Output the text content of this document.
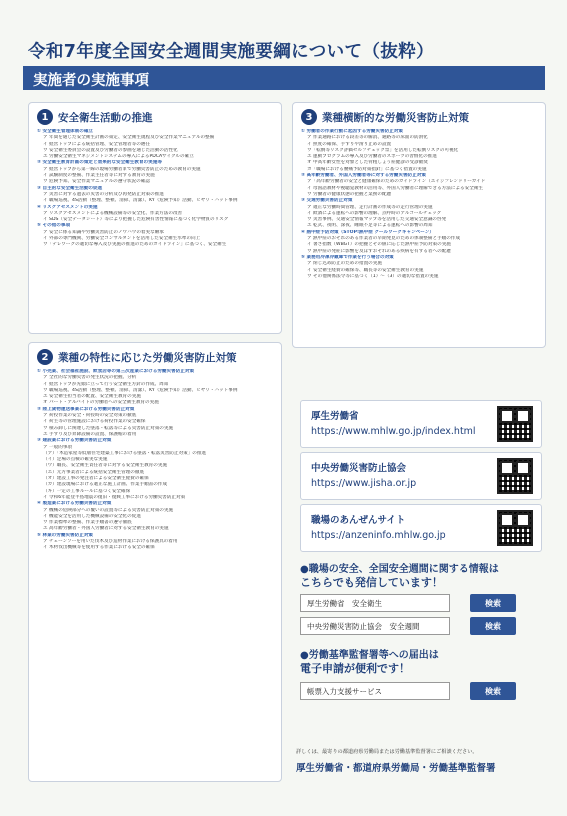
令和7年度全国安全週間実施要綱について（抜粋）
実施者の実施事項
1 安全衛生活動の推進
① 安全衛生管理体制の確立
ア 年間を通じた安全衛生計画の策定、安全衛生規程及び安全作業マニュアルの整備
イ 経営トップによる統括管理、安全管理者等の選任
ウ 安全衛生委員会の設置及び労働者の参画を通じた活動の活性化
エ 労働安全衛生マネジメントシステムの導入によるPDCAサイクルの確立
② 安全衛生教育計画の策定と効果的な安全衛生教育の実施等
ア 経営トップから第一線の現場労働者まで労働災害防止のための教育の実施
イ 試験制度の整備、作業主任者等に対する教育の実施
ウ 危険予知、安全作業マニュアルの遵守状況の確認
③ 自主的な安全衛生活動の促進
ア 災害に対する過去の災害の分析及び再発防止対策の推進
イ 職場巡視、4S活動（整理、整頓、清掃、清潔）、KY（危険予知）活動、ヒヤリ・ハット事例
④ リスクアセスメントの実施
ア リスクアセスメントによる機械設備等の安全化、作業方法の改善
イ SDS（安全データシート）等により把握した危険有害性情報に基づく化学物質のリスク
⑤ その他の事項
ア 安全に係る知識や労働災害防止のノウハウの着実な継承
イ 外部の専門機関、労働安全コンサルタントを活用した安全衛生水準の向上
ウ「テレワークの適切な導入及び実施の推進のためのガイドライン」に基づく、安全衛生
2 業種の特性に応じた労働災害防止対策
① 小売業、社会福祉施設、飲食店等の第三次産業における労働災害防止対策
ア 全社的な労働災害の発生状況の把握、分析
イ 経営トップが先頭に立って行う安全衛生方針の作成、周知
ウ 職場巡視、4S活動（整理、整頓、清掃、清潔）、KY（危険予知）活動、ヒヤリ・ハット事例
エ 安全衛生担当者の配置、安全衛生教育の実施
オ パート・アルバイトの労働者への安全衛生教育の実施
② 陸上貨物運送事業における労働災害防止対策
ア 荷役作業の安全・荷役時の安全対策の徹底
イ 荷主等の管理施設における荷役作業の安全確保
ウ 積み卸しに関連した墜落・転落等による災害防止対策の実施
エ 手すり及び昇降設備の設置、保護帽の着用
③ 建設業における労働災害防止対策
ア 一般的事項
（ア）「木造家屋等低層住宅建築工事における墜落・転落災害防止対策」の推進
（イ）足場の点検の確実な実施
（ウ）職長、安全衛生責任者等に対する安全衛生教育の実施
（エ）元方事業者による統括安全衛生管理の徹底
（オ）建設工事の発注者による安全衛生経費の確保
（カ）建設現場における適正な施工計画、作業手順書の作成
（キ）一定の工事ルールに基づく安全確保
イ 令和6年能登半島地震の復旧・復興工事における労働災害防止対策
④ 製造業における労働災害防止対策
ア 機械の危険部分への覆いの設置等による災害防止対策の実施
イ 機能安全を活用した機械設備の安全化の促進
ウ 作業標準の整備、作業手順書の遵守徹底
エ 高年齢労働者・外国人労働者に対する安全衛生教育の実施
⑤ 林業の労働災害防止対策
ア チェーンソーを用いた伐木及び造材作業における保護具の着用
イ 木材伐出機械等を使用する作業における安全の確保
3 業種横断的な労働災害防止対策
① 労働者の作業行動に起因する労働災害防止対策
ア 作業通路における段差等の解消、通路等の床面の防滑化
イ 照度の確保、手すりや滑り止めの設置
ウ「転倒等リスク評価セルフチェック票」を活用した転倒リスクの可視化
エ 運動プログラムの導入及び労働者のスポーツの習慣化の推進
オ 中高年齢女性を対象とした骨粗しょう症健診の受診勧奨
カ「職場における腰痛予防対策指針」に基づく措置の実施
② 高年齢労働者、外国人労働者等に対する労働災害防止対策
ア「高年齢労働者の安全と健康確保のためのガイドライン（エイジフレンドリーガイド
イ 母国語教材や視聴覚教材の活用等、外国人労働者に理解できる方法による安全衛生
ウ 労働者の健康状態の把握と業務の配慮
③ 交通労働災害防止対策
ア 適正な労働時間管理、走行計画の作成等の走行管理の実施
イ 飲酒による運転への影響の理解、点呼時のアルコールチェック
ウ 災害事例、交通安全情報マップ等を活用した交通安全意識の啓発
エ 乾式、夜明、深夜、睡眠不足等による運転への影響の周知
④ 熱中症予防対策（STOP!熱中症 クールワークキャンペーン）
ア 熱中症のおそれのある作業者の早期発見のための体制整備と手順の作成
イ 暑さ指数（WBGT）の把握とその値に応じた熱中症予防対策の実施
ウ 熱中症の発症に影響を及ぼすおそれのある疾病を有する者への配慮
⑤ 業務用冷凍冷蔵庫で作業を行う場合の対策
ア 閉じ込め防止のための措置の実施
イ 安全衛生経費の確保等、職長等の安全衛生教育の実施
ウ その他関係法令等に基づく（1）〜（3）の適切な措置の実施
厚生労働省
https://www.mhlw.go.jp/index.html
中央労働災害防止協会
https://www.jisha.or.jp
職場のあんぜんサイト
https://anzeninfo.mhlw.go.jp
●職場の安全、全国安全週間に関する情報は
こちらでも発信しています！
厚生労働省　安全衛生	検索
中央労働災害防止協会　安全週間	検索
●労働基準監督署等への届出は
電子申請が便利です！
帳票入力支援サービス	検索
詳しくは、最寄りの都道府県労働局または労働基準監督署にご相談ください。
厚生労働省・都道府県労働局・労働基準監督署
